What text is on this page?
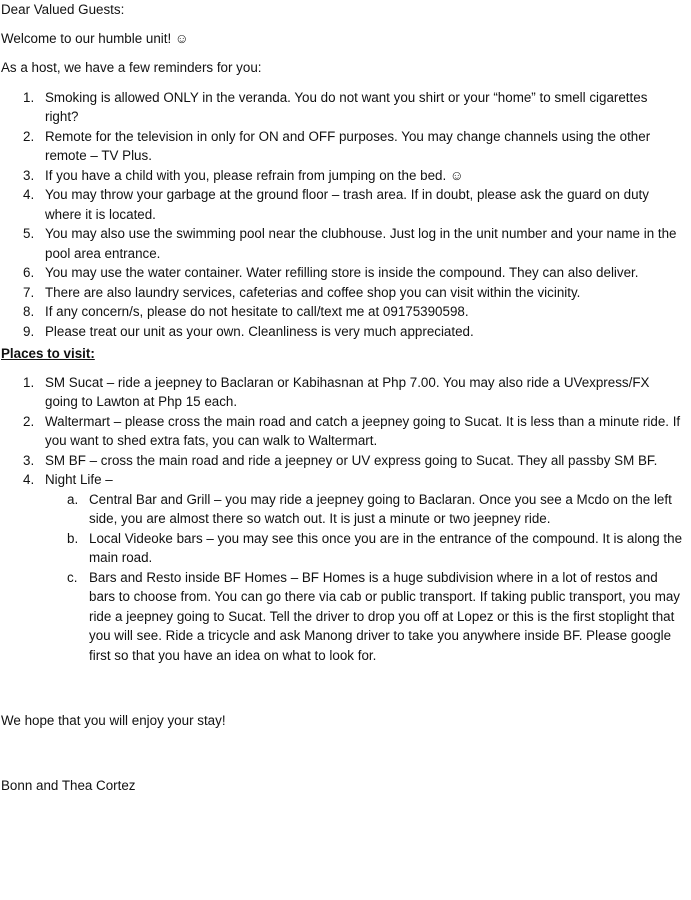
Dear Valued Guests:

Welcome to our humble unit! ☺

As a host, we have a few reminders for you:

1. Smoking is allowed ONLY in the veranda. You do not want you shirt or your “home” to smell cigarettes right?
2. Remote for the television in only for ON and OFF purposes. You may change channels using the other remote – TV Plus.
3. If you have a child with you, please refrain from jumping on the bed. ☺
4. You may throw your garbage at the ground floor – trash area. If in doubt, please ask the guard on duty where it is located.
5. You may also use the swimming pool near the clubhouse. Just log in the unit number and your name in the pool area entrance.
6. You may use the water container. Water refilling store is inside the compound. They can also deliver.
7. There are also laundry services, cafeterias and coffee shop you can visit within the vicinity.
8. If any concern/s, please do not hesitate to call/text me at 09175390598.
9. Please treat our unit as your own. Cleanliness is very much appreciated.

Places to visit:

1. SM Sucat – ride a jeepney to Baclaran or Kabihasnan at Php 7.00. You may also ride a UVexpress/FX going to Lawton at Php 15 each.
2. Waltermart – please cross the main road and catch a jeepney going to Sucat. It is less than a minute ride. If you want to shed extra fats, you can walk to Waltermart.
3. SM BF – cross the main road and ride a jeepney or UV express going to Sucat. They all passby SM BF.
4. Night Life –
a. Central Bar and Grill – you may ride a jeepney going to Baclaran. Once you see a Mcdo on the left side, you are almost there so watch out. It is just a minute or two jeepney ride.
b. Local Videoke bars – you may see this once you are in the entrance of the compound. It is along the main road.
c. Bars and Resto inside BF Homes – BF Homes is a huge subdivision where in a lot of restos and bars to choose from. You can go there via cab or public transport. If taking public transport, you may ride a jeepney going to Sucat. Tell the driver to drop you off at Lopez or this is the first stoplight that you will see. Ride a tricycle and ask Manong driver to take you anywhere inside BF. Please google first so that you have an idea on what to look for.

We hope that you will enjoy your stay!

Bonn and Thea Cortez
